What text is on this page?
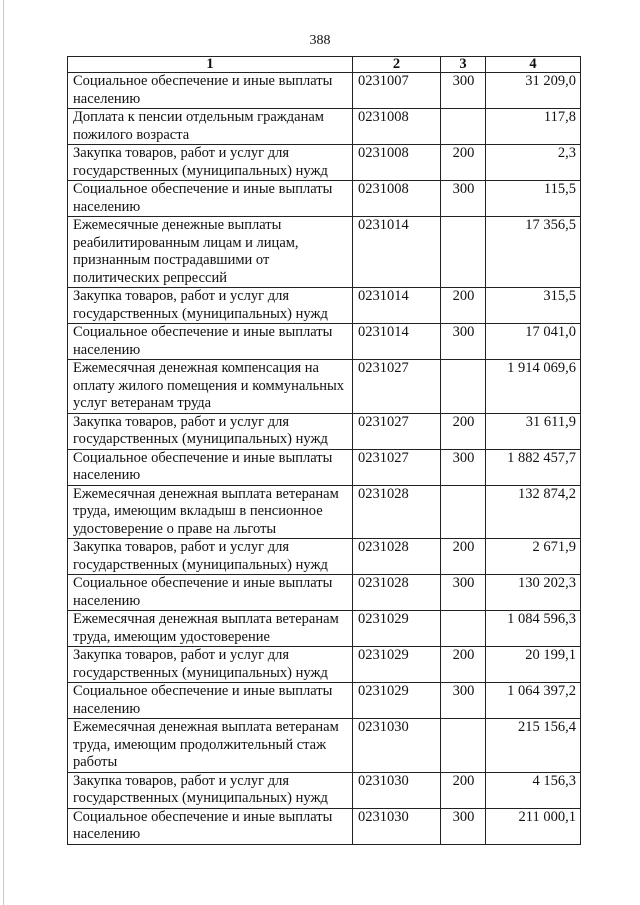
388
1	2	3	4
Социальное обеспечение и иные выплаты населению	0231007	300	31 209,0
Доплата к пенсии отдельным гражданам пожилого возраста	0231008		117,8
Закупка товаров, работ и услуг для государственных (муниципальных) нужд	0231008	200	2,3
Социальное обеспечение и иные выплаты населению	0231008	300	115,5
Ежемесячные денежные выплаты реабилитированным лицам и лицам, признанным пострадавшими от политических репрессий	0231014		17 356,5
Закупка товаров, работ и услуг для государственных (муниципальных) нужд	0231014	200	315,5
Социальное обеспечение и иные выплаты населению	0231014	300	17 041,0
Ежемесячная денежная компенсация на оплату жилого помещения и коммунальных услуг ветеранам труда	0231027		1 914 069,6
Закупка товаров, работ и услуг для государственных (муниципальных) нужд	0231027	200	31 611,9
Социальное обеспечение и иные выплаты населению	0231027	300	1 882 457,7
Ежемесячная денежная выплата ветеранам труда, имеющим вкладыш в пенсионное удостоверение о праве на льготы	0231028		132 874,2
Закупка товаров, работ и услуг для государственных (муниципальных) нужд	0231028	200	2 671,9
Социальное обеспечение и иные выплаты населению	0231028	300	130 202,3
Ежемесячная денежная выплата ветеранам труда, имеющим удостоверение	0231029		1 084 596,3
Закупка товаров, работ и услуг для государственных (муниципальных) нужд	0231029	200	20 199,1
Социальное обеспечение и иные выплаты населению	0231029	300	1 064 397,2
Ежемесячная денежная выплата ветеранам труда, имеющим продолжительный стаж работы	0231030		215 156,4
Закупка товаров, работ и услуг для государственных (муниципальных) нужд	0231030	200	4 156,3
Социальное обеспечение и иные выплаты населению	0231030	300	211 000,1
